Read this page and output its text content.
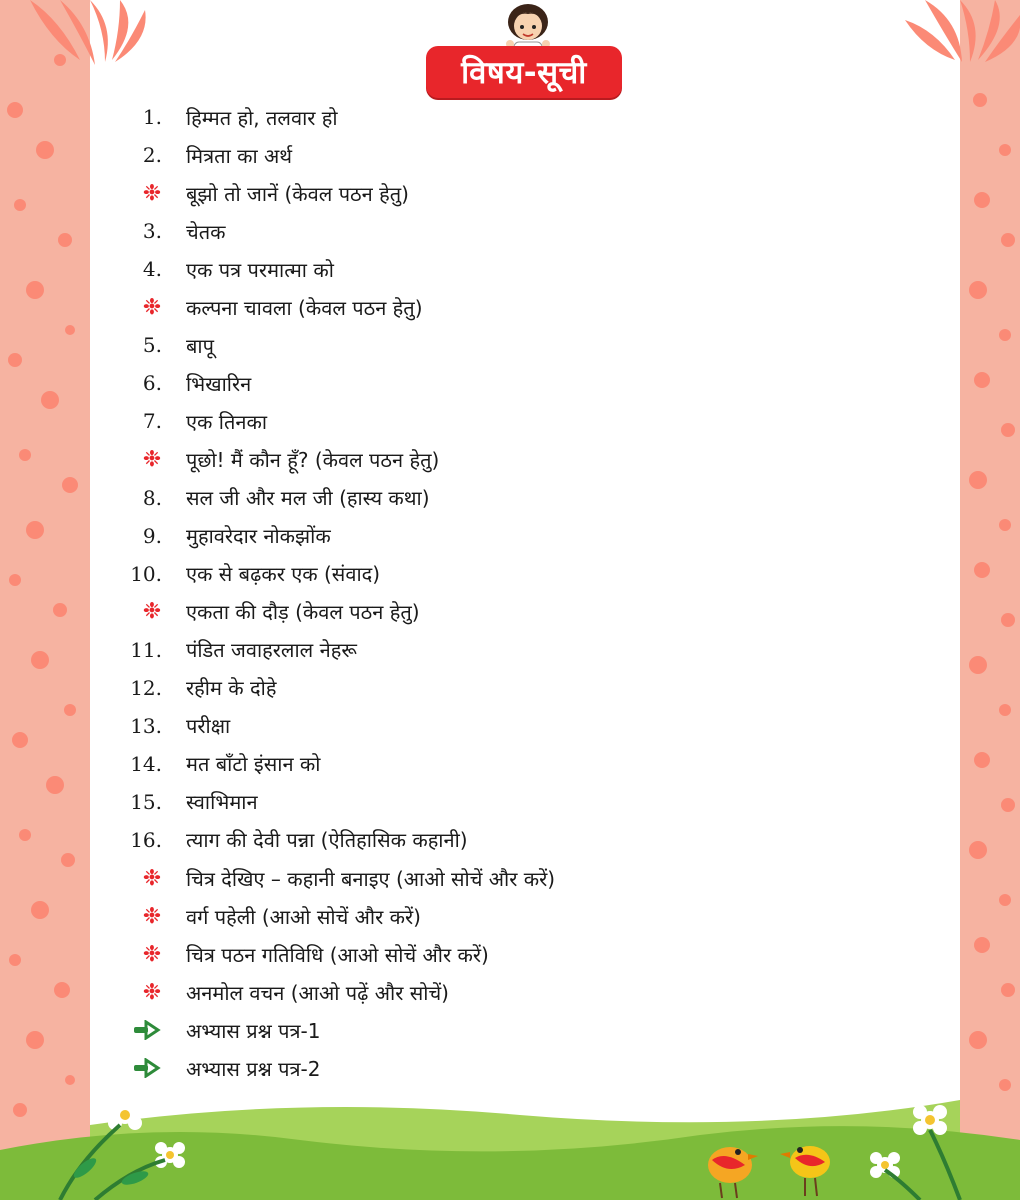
विषय-सूची
1. हिम्मत हो, तलवार हो
2. मित्रता का अर्थ
❉ बूझो तो जानें (केवल पठन हेतु)
3. चेतक
4. एक पत्र परमात्मा को
❉ कल्पना चावला (केवल पठन हेतु)
5. बापू
6. भिखारिन
7. एक तिनका
❉ पूछो! मैं कौन हूँ? (केवल पठन हेतु)
8. सल जी और मल जी (हास्य कथा)
9. मुहावरेदार नोकझोंक
10. एक से बढ़कर एक (संवाद)
❉ एकता की दौड़ (केवल पठन हेतु)
11. पंडित जवाहरलाल नेहरू
12. रहीम के दोहे
13. परीक्षा
14. मत बाँटो इंसान को
15. स्वाभिमान
16. त्याग की देवी पन्ना (ऐतिहासिक कहानी)
❉ चित्र देखिए – कहानी बनाइए (आओ सोचें और करें)
❉ वर्ग पहेली (आओ सोचें और करें)
❉ चित्र पठन गतिविधि (आओ सोचें और करें)
❉ अनमोल वचन (आओ पढ़ें और सोचें)
अभ्यास प्रश्न पत्र-1
अभ्यास प्रश्न पत्र-2
